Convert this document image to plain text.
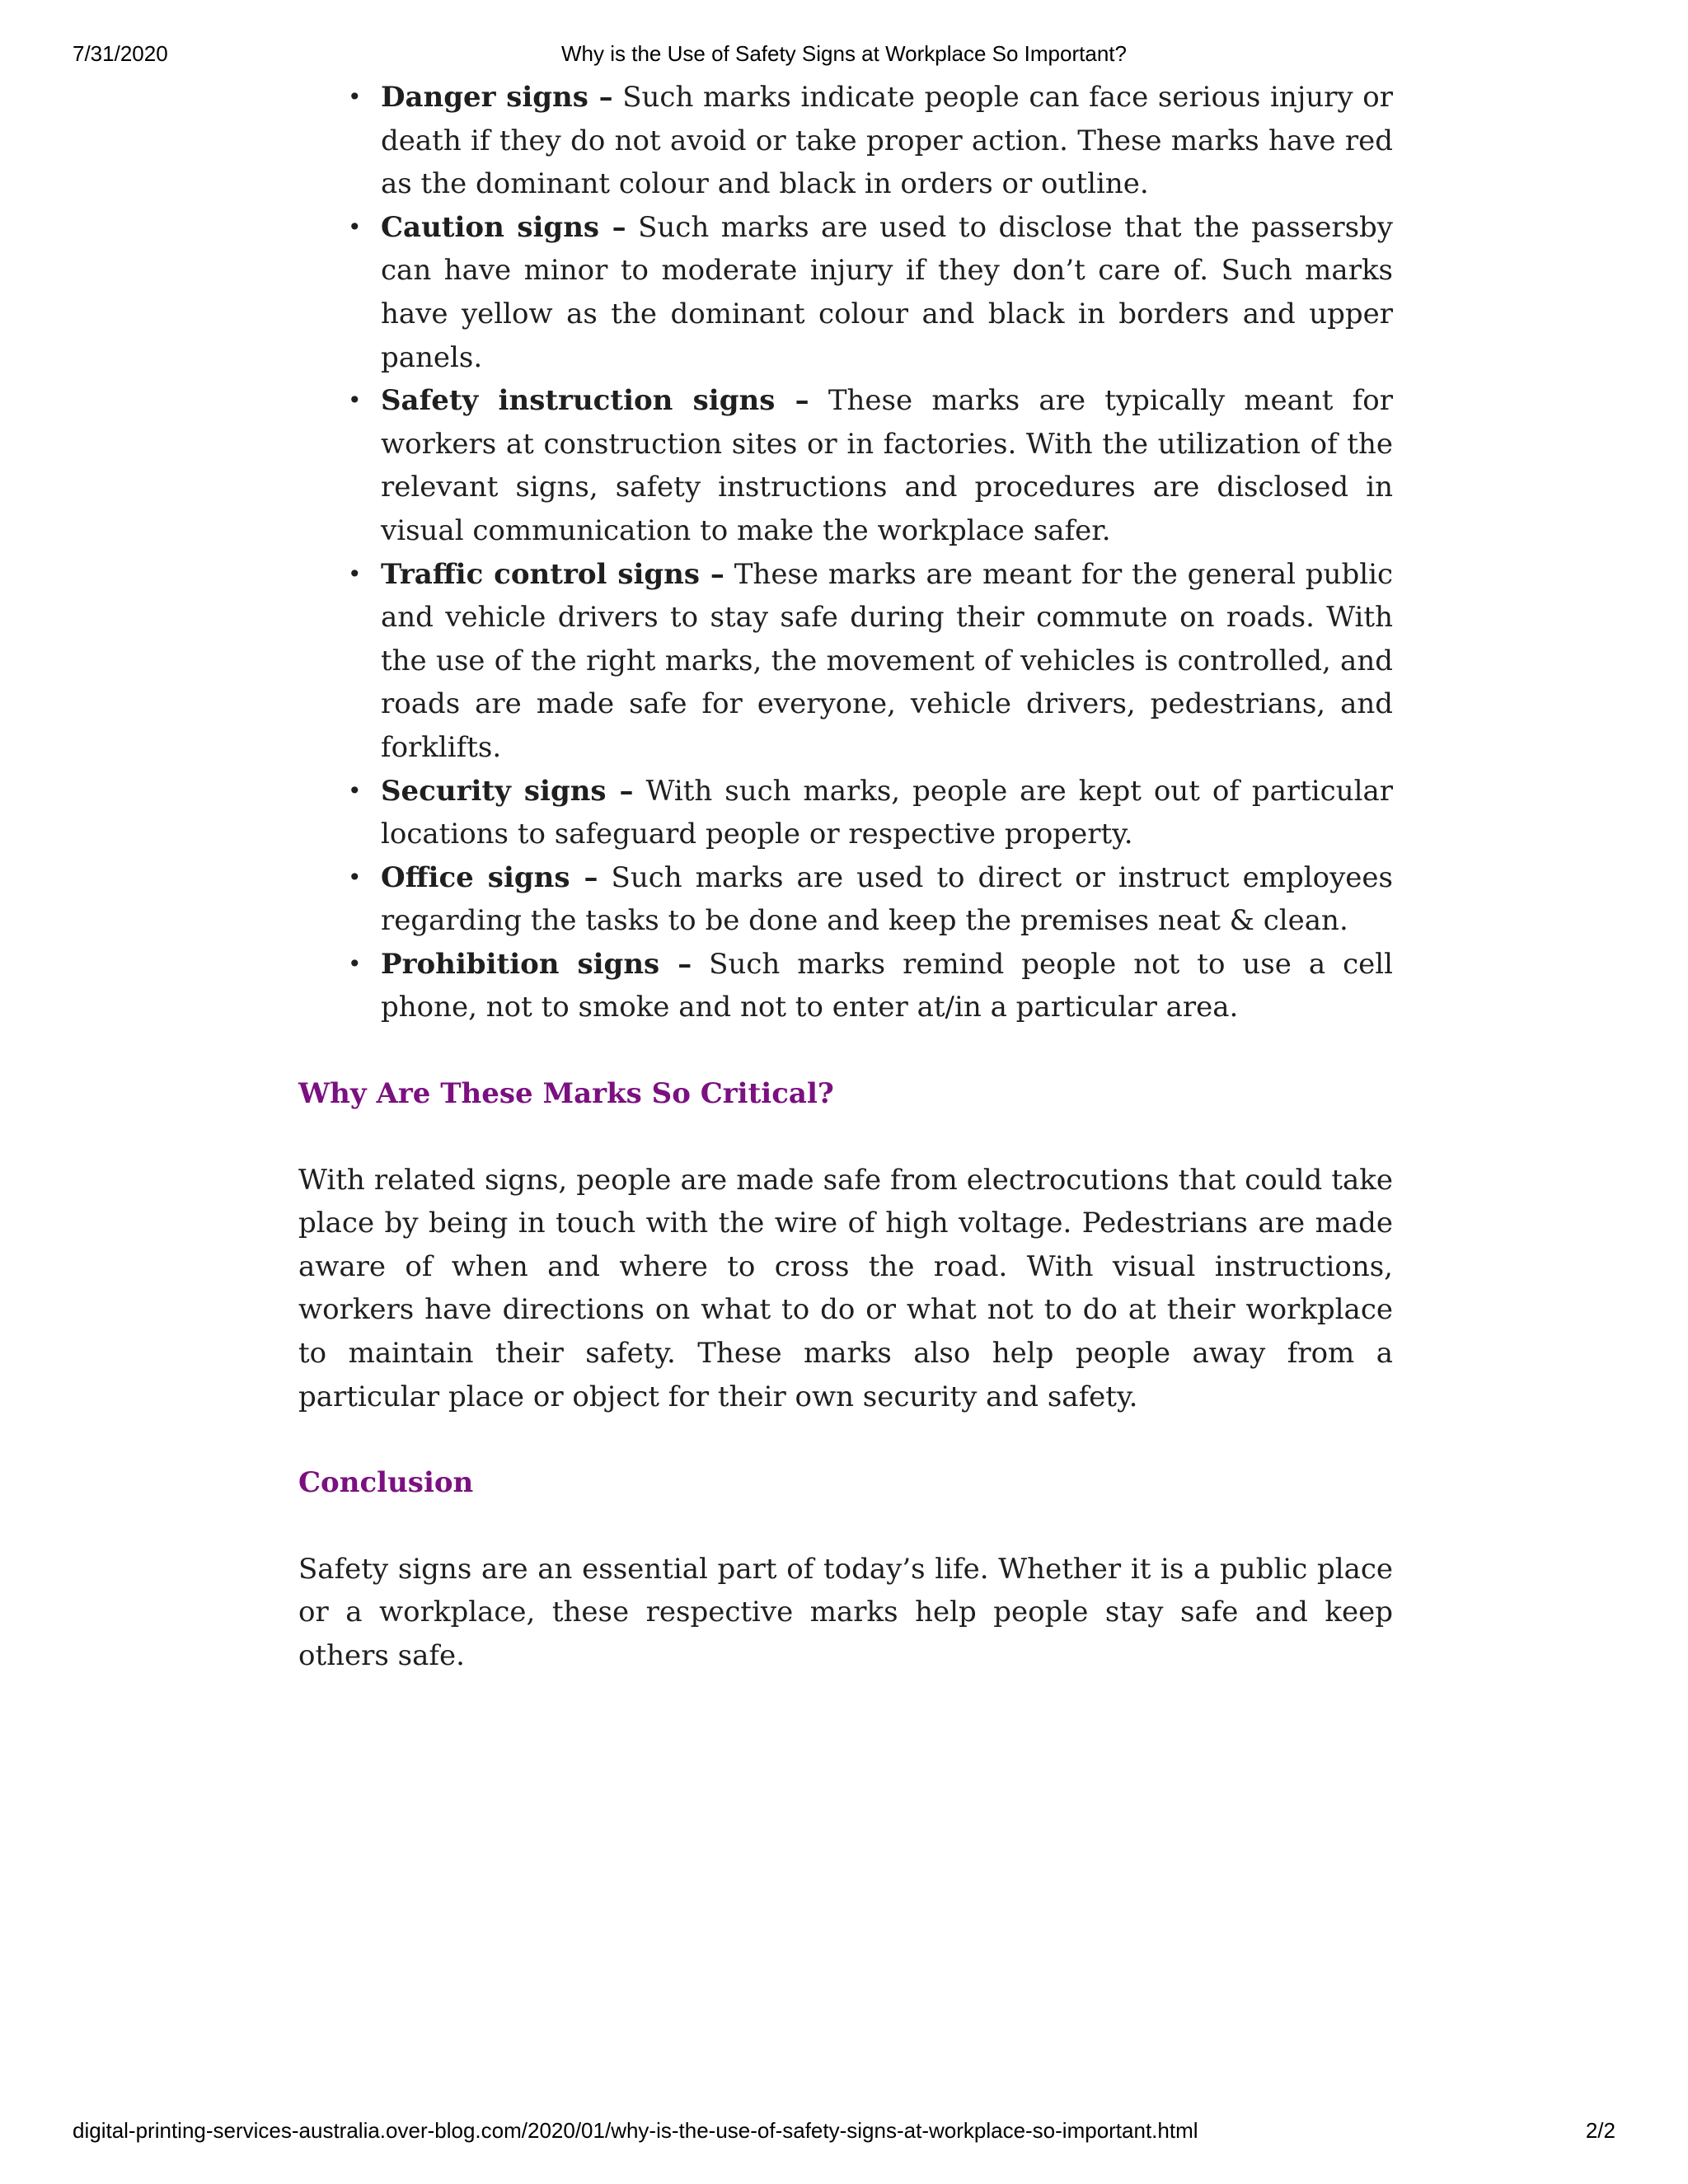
7/31/2020	Why is the Use of Safety Signs at Workplace So Important?
• Danger signs – Such marks indicate people can face serious injury or death if they do not avoid or take proper action. These marks have red as the dominant colour and black in orders or outline.
• Caution signs – Such marks are used to disclose that the passersby can have minor to moderate injury if they don’t care of. Such marks have yellow as the dominant colour and black in borders and upper panels.
• Safety instruction signs – These marks are typically meant for workers at construction sites or in factories. With the utilization of the relevant signs, safety instructions and procedures are disclosed in visual communication to make the workplace safer.
• Traffic control signs – These marks are meant for the general public and vehicle drivers to stay safe during their commute on roads. With the use of the right marks, the movement of vehicles is controlled, and roads are made safe for everyone, vehicle drivers, pedestrians, and forklifts.
• Security signs – With such marks, people are kept out of particular locations to safeguard people or respective property.
• Office signs – Such marks are used to direct or instruct employees regarding the tasks to be done and keep the premises neat & clean.
• Prohibition signs – Such marks remind people not to use a cell phone, not to smoke and not to enter at/in a particular area.
Why Are These Marks So Critical?

With related signs, people are made safe from electrocutions that could take place by being in touch with the wire of high voltage. Pedestrians are made aware of when and where to cross the road. With visual instructions, workers have directions on what to do or what not to do at their workplace to maintain their safety. These marks also help people away from a particular place or object for their own security and safety.

Conclusion

Safety signs are an essential part of today’s life. Whether it is a public place or a workplace, these respective marks help people stay safe and keep others safe.

digital-printing-services-australia.over-blog.com/2020/01/why-is-the-use-of-safety-signs-at-workplace-so-important.html	2/2
